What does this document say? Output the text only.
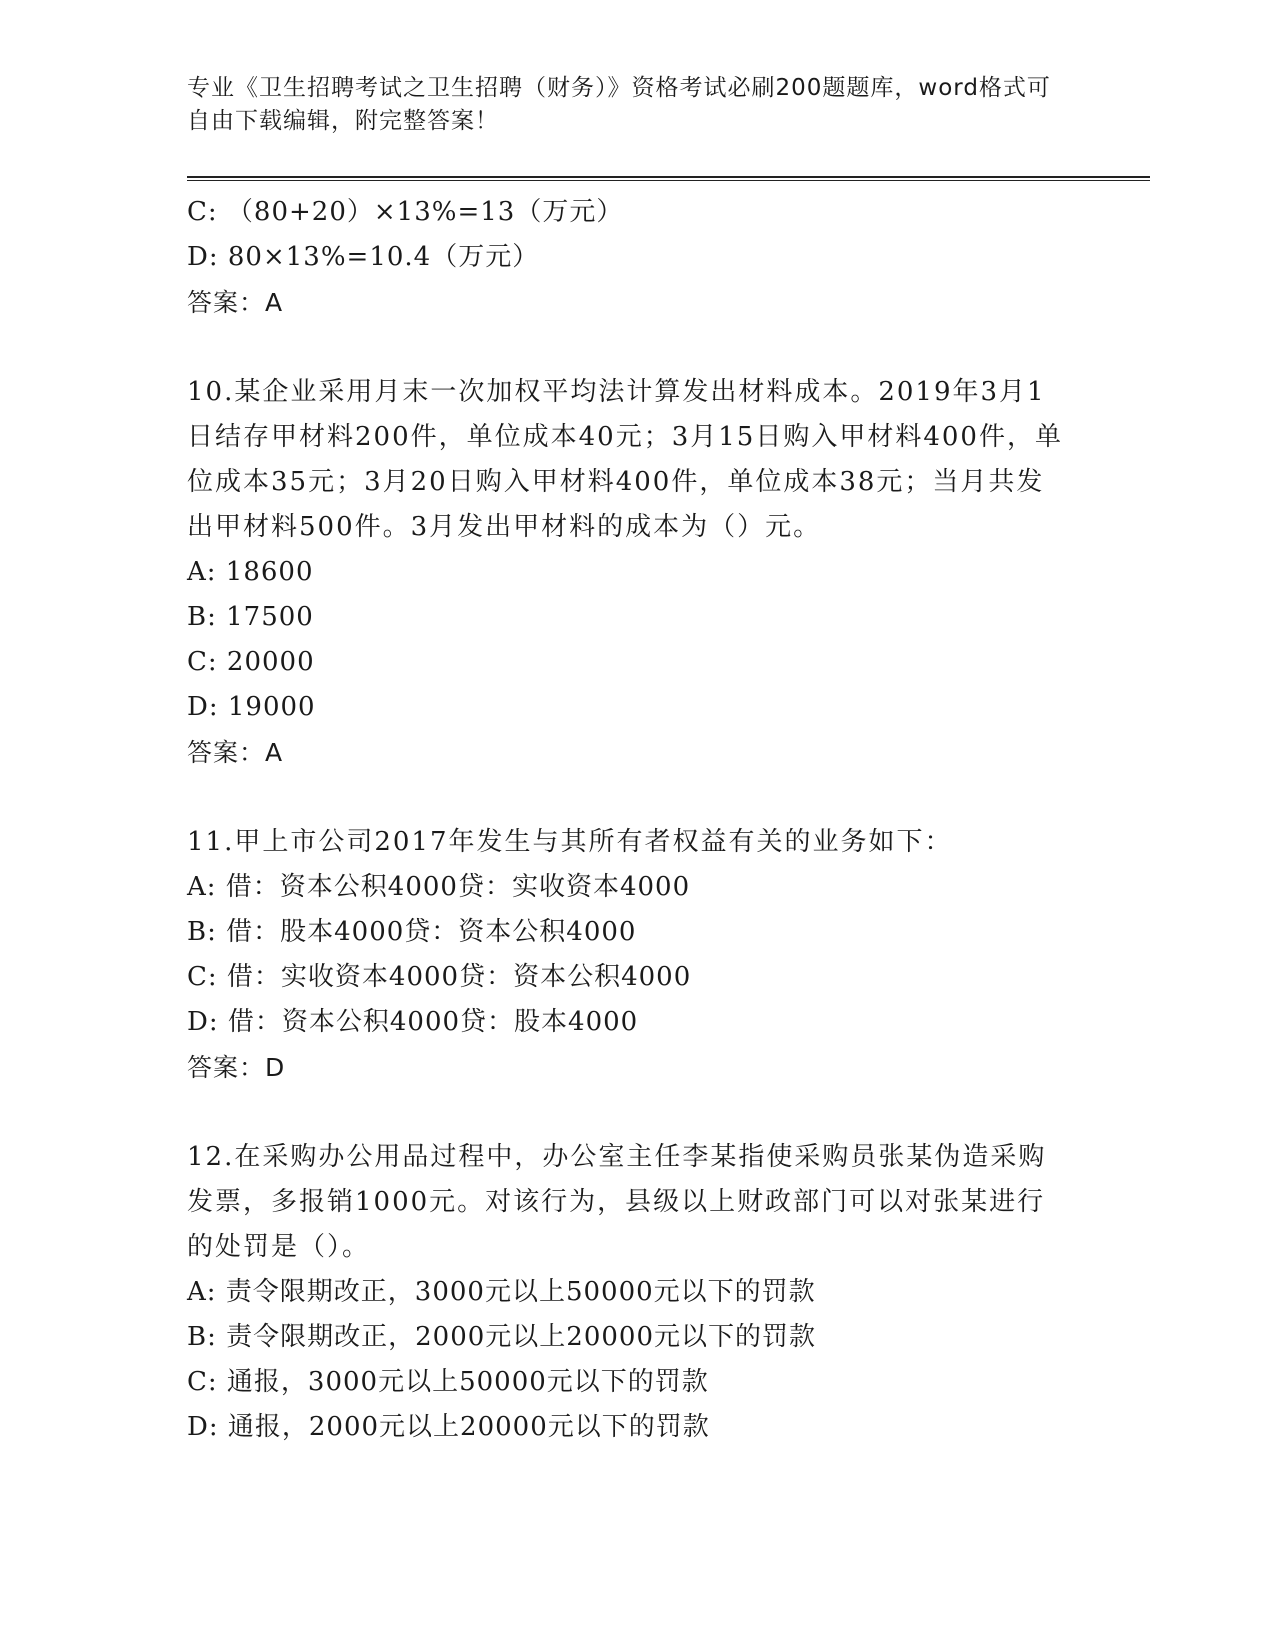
专业《卫生招聘考试之卫生招聘（财务）》资格考试必刷200题题库，word格式可自由下载编辑，附完整答案！
C: （80+20）×13%=13（万元）
D: 80×13%=10.4（万元）
答案：A
10.某企业采用月末一次加权平均法计算发出材料成本。2019年3月1日结存甲材料200件，单位成本40元；3月15日购入甲材料400件，单位成本35元；3月20日购入甲材料400件，单位成本38元；当月共发出甲材料500件。3月发出甲材料的成本为（）元。
A: 18600
B: 17500
C: 20000
D: 19000
答案：A
11.甲上市公司2017年发生与其所有者权益有关的业务如下：
A: 借：资本公积4000贷：实收资本4000
B: 借：股本4000贷：资本公积4000
C: 借：实收资本4000贷：资本公积4000
D: 借：资本公积4000贷：股本4000
答案：D
12.在采购办公用品过程中，办公室主任李某指使采购员张某伪造采购发票，多报销1000元。对该行为，县级以上财政部门可以对张某进行的处罚是（）。
A: 责令限期改正，3000元以上50000元以下的罚款
B: 责令限期改正，2000元以上20000元以下的罚款
C: 通报，3000元以上50000元以下的罚款
D: 通报，2000元以上20000元以下的罚款
